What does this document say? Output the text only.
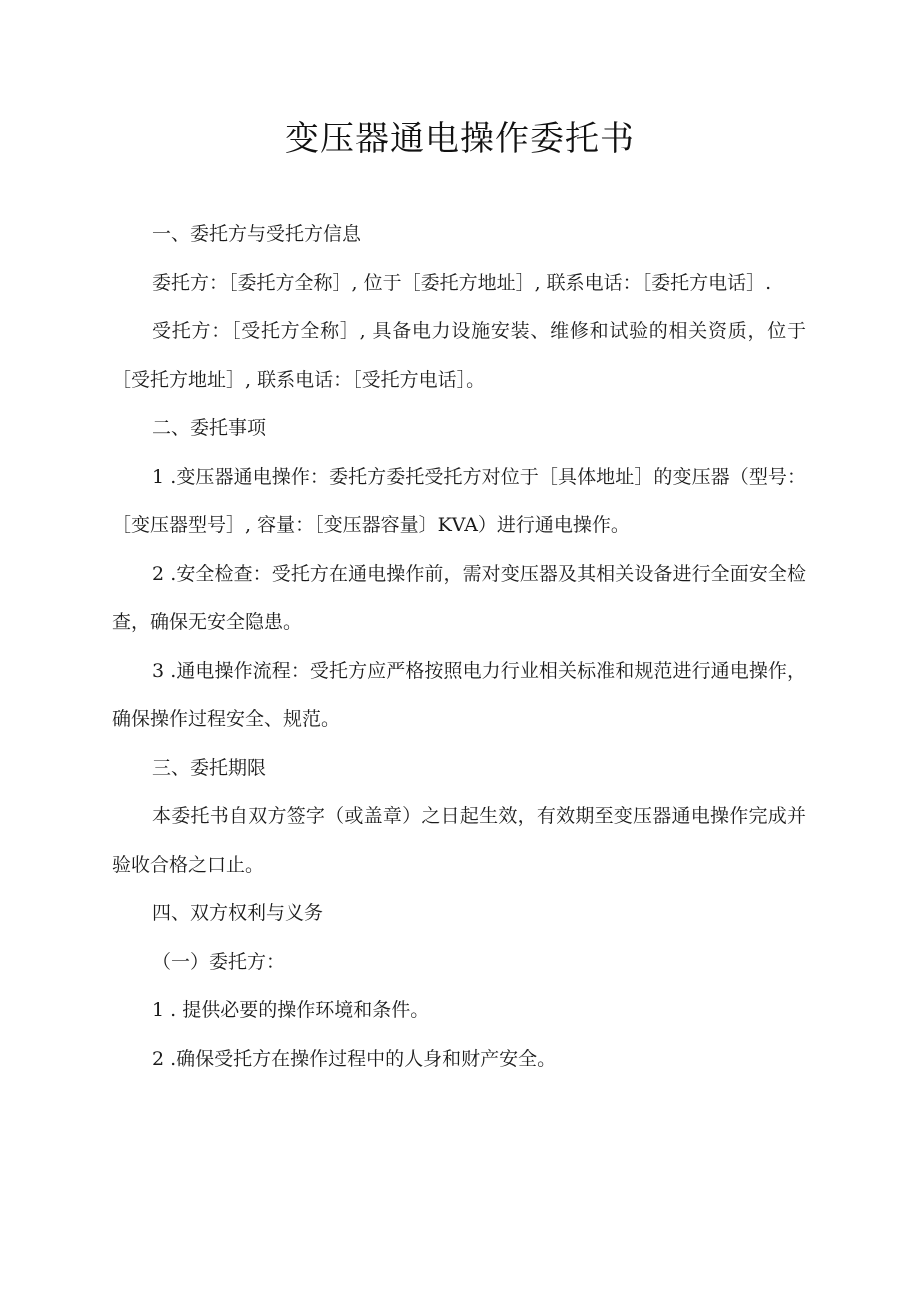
变压器通电操作委托书

一、委托方与受托方信息

委托方：［委托方全称］, 位于［委托方地址］, 联系电话：［委托方电话］.

受托方：［受托方全称］, 具备电力设施安装、维修和试验的相关资质，位于［受托方地址］, 联系电话：［受托方电话］。

二、委托事项

1 .变压器通电操作：委托方委托受托方对位于［具体地址］的变压器（型号：［变压器型号］, 容量：［变压器容量〕KVA）进行通电操作。

2 .安全检查：受托方在通电操作前，需对变压器及其相关设备进行全面安全检查，确保无安全隐患。

3 .通电操作流程：受托方应严格按照电力行业相关标准和规范进行通电操作，确保操作过程安全、规范。

三、委托期限

本委托书自双方签字（或盖章）之日起生效，有效期至变压器通电操作完成并验收合格之口止。

四、双方权利与义务

（一）委托方：

1 . 提供必要的操作环境和条件。

2 .确保受托方在操作过程中的人身和财产安全。
